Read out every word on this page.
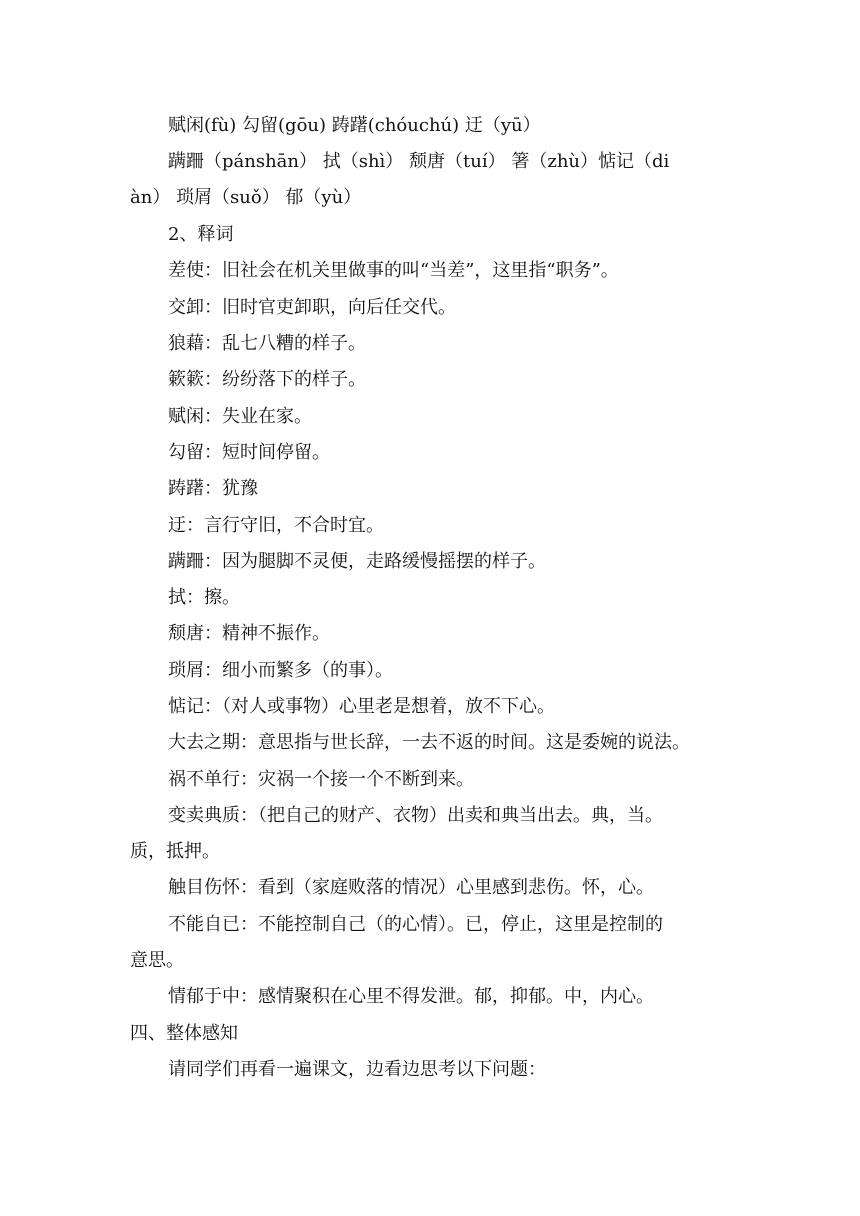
赋闲(fù) 勾留(gōu) 踌躇(chóuchú) 迂（yū）
蹒跚（pánshān） 拭（shì） 颓唐（tuí） 箸（zhù）惦记（di
àn） 琐屑（suǒ） 郁（yù）
2、释词
差使：旧社会在机关里做事的叫“当差”，这里指“职务”。
交卸：旧时官吏卸职，向后任交代。
狼藉：乱七八糟的样子。
簌簌：纷纷落下的样子。
赋闲：失业在家。
勾留：短时间停留。
踌躇：犹豫
迂：言行守旧，不合时宜。
蹒跚：因为腿脚不灵便，走路缓慢摇摆的样子。
拭：擦。
颓唐：精神不振作。
琐屑：细小而繁多（的事）。
惦记：（对人或事物）心里老是想着，放不下心。
大去之期：意思指与世长辞，一去不返的时间。这是委婉的说法。
祸不单行：灾祸一个接一个不断到来。
变卖典质：（把自己的财产、衣物）出卖和典当出去。典，当。
质，抵押。
触目伤怀：看到（家庭败落的情况）心里感到悲伤。怀，心。
不能自已：不能控制自己（的心情）。已，停止，这里是控制的
意思。
情郁于中：感情聚积在心里不得发泄。郁，抑郁。中，内心。
四、整体感知
请同学们再看一遍课文，边看边思考以下问题：
